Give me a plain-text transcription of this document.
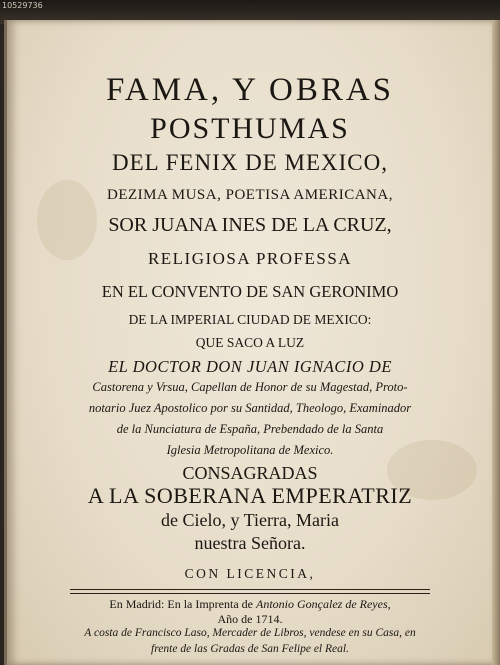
10529736

FAMA, Y OBRAS

POSTHUMAS

DEL FENIX DE MEXICO,

DEZIMA MUSA, POETISA AMERICANA,

SOR JUANA INES DE LA CRUZ,

RELIGIOSA PROFESSA

EN EL CONVENTO DE SAN GERONIMO

DE LA IMPERIAL CIUDAD DE MEXICO:

QUE SACO A LUZ

EL DOCTOR DON JUAN IGNACIO DE

Castorena y Vrsua, Capellan de Honor de su Magestad, Proto-

notario Juez Apostolico por su Santidad, Theologo, Examinador

de la Nunciatura de España, Prebendado de la Santa

Iglesia Metropolitana de Mexico.

CONSAGRADAS

A LA SOBERANA EMPERATRIZ

de Cielo, y Tierra, Maria

nuestra Señora.

CON LICENCIA,

En Madrid: En la Imprenta de Antonio Gonçalez de Reyes,

Año de 1714.

A costa de Francisco Laso, Mercader de Libros, vendese en su Casa, en

frente de las Gradas de San Felipe el Real.
